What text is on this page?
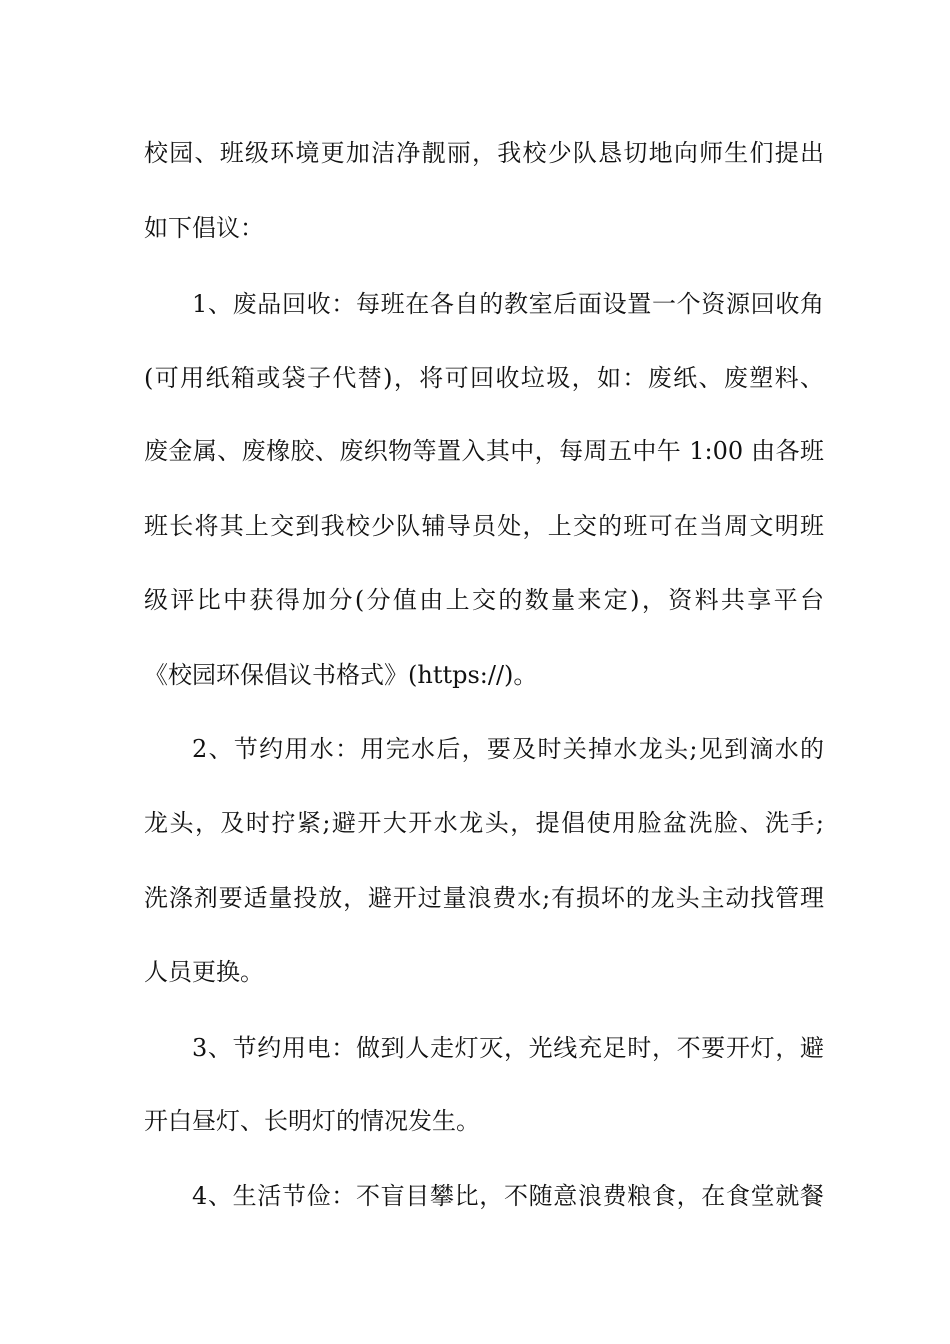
校园、班级环境更加洁净靓丽，我校少队恳切地向师生们提出
如下倡议：
1、废品回收：每班在各自的教室后面设置一个资源回收角
(可用纸箱或袋子代替)，将可回收垃圾，如：废纸、废塑料、
废金属、废橡胶、废织物等置入其中，每周五中午 1:00 由各班
班长将其上交到我校少队辅导员处，上交的班可在当周文明班
级评比中获得加分(分值由上交的数量来定)，资料共享平台
《校园环保倡议书格式》(https://)。
2、节约用水：用完水后，要及时关掉水龙头;见到滴水的
龙头，及时拧紧;避开大开水龙头，提倡使用脸盆洗脸、洗手;
洗涤剂要适量投放，避开过量浪费水;有损坏的龙头主动找管理
人员更换。
3、节约用电：做到人走灯灭，光线充足时，不要开灯，避
开白昼灯、长明灯的情况发生。
4、生活节俭：不盲目攀比，不随意浪费粮食，在食堂就餐
